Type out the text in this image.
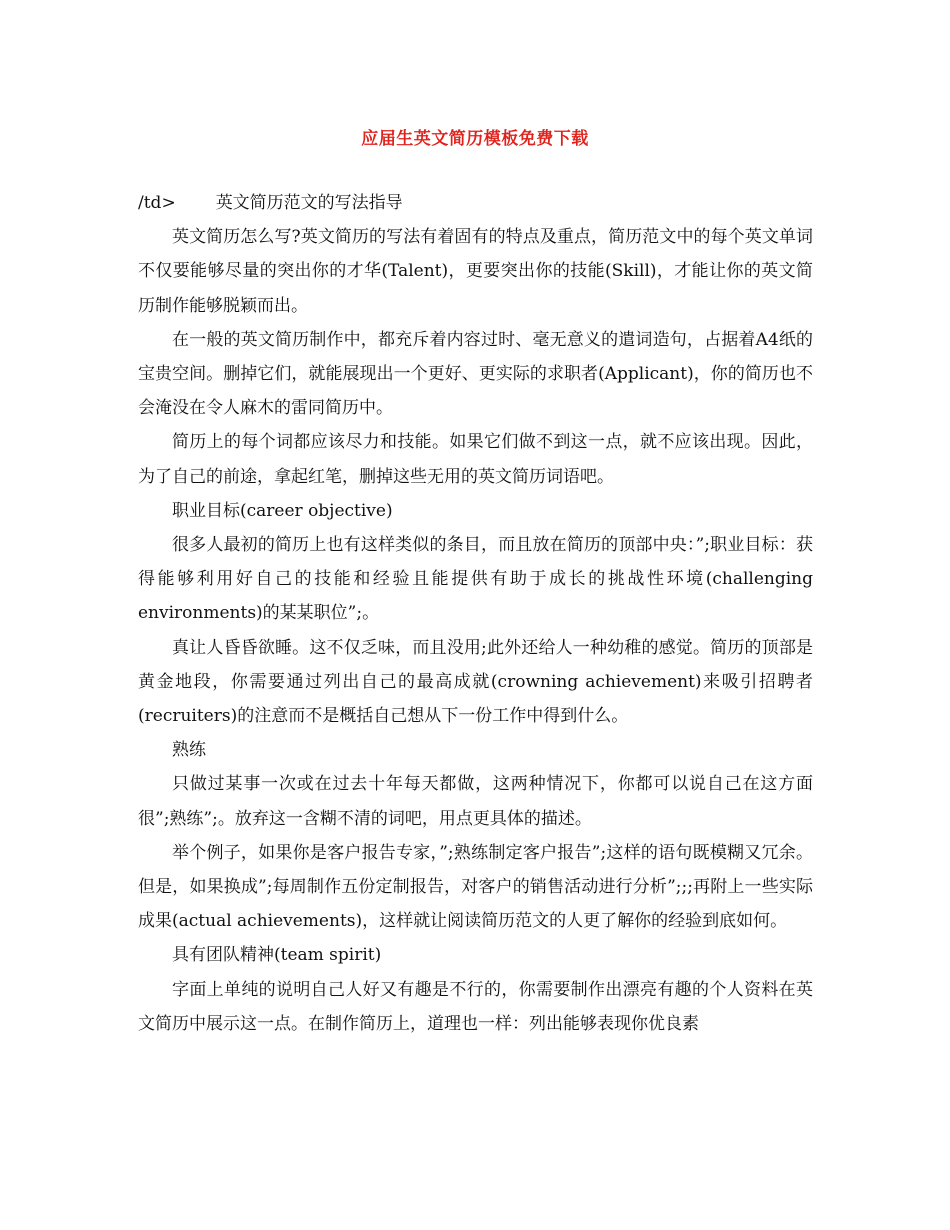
应届生英文简历模板免费下载

/td> 英文简历范文的写法指导

英文简历怎么写?英文简历的写法有着固有的特点及重点，简历范文中的每个英文单词不仅要能够尽量的突出你的才华(Talent)，更要突出你的技能(Skill)，才能让你的英文简历制作能够脱颖而出。

在一般的英文简历制作中，都充斥着内容过时、毫无意义的遣词造句，占据着A4纸的宝贵空间。删掉它们，就能展现出一个更好、更实际的求职者(Applicant)，你的简历也不会淹没在令人麻木的雷同简历中。

简历上的每个词都应该尽力和技能。如果它们做不到这一点，就不应该出现。因此，为了自己的前途，拿起红笔，删掉这些无用的英文简历词语吧。

职业目标(career objective)

很多人最初的简历上也有这样类似的条目，而且放在简历的顶部中央：”;职业目标：获得能够利用好自己的技能和经验且能提供有助于成长的挑战性环境(challenging environments)的某某职位”;。

真让人昏昏欲睡。这不仅乏味，而且没用;此外还给人一种幼稚的感觉。简历的顶部是黄金地段，你需要通过列出自己的最高成就(crowning achievement)来吸引招聘者(recruiters)的注意而不是概括自己想从下一份工作中得到什么。

熟练

只做过某事一次或在过去十年每天都做，这两种情况下，你都可以说自己在这方面很”;熟练”;。放弃这一含糊不清的词吧，用点更具体的描述。

举个例子，如果你是客户报告专家，”;熟练制定客户报告”;这样的语句既模糊又冗余。但是，如果换成”;每周制作五份定制报告，对客户的销售活动进行分析”;;;再附上一些实际成果(actual achievements)，这样就让阅读简历范文的人更了解你的经验到底如何。

具有团队精神(team spirit)

字面上单纯的说明自己人好又有趣是不行的，你需要制作出漂亮有趣的个人资料在英文简历中展示这一点。在制作简历上，道理也一样：列出能够表现你优良素
